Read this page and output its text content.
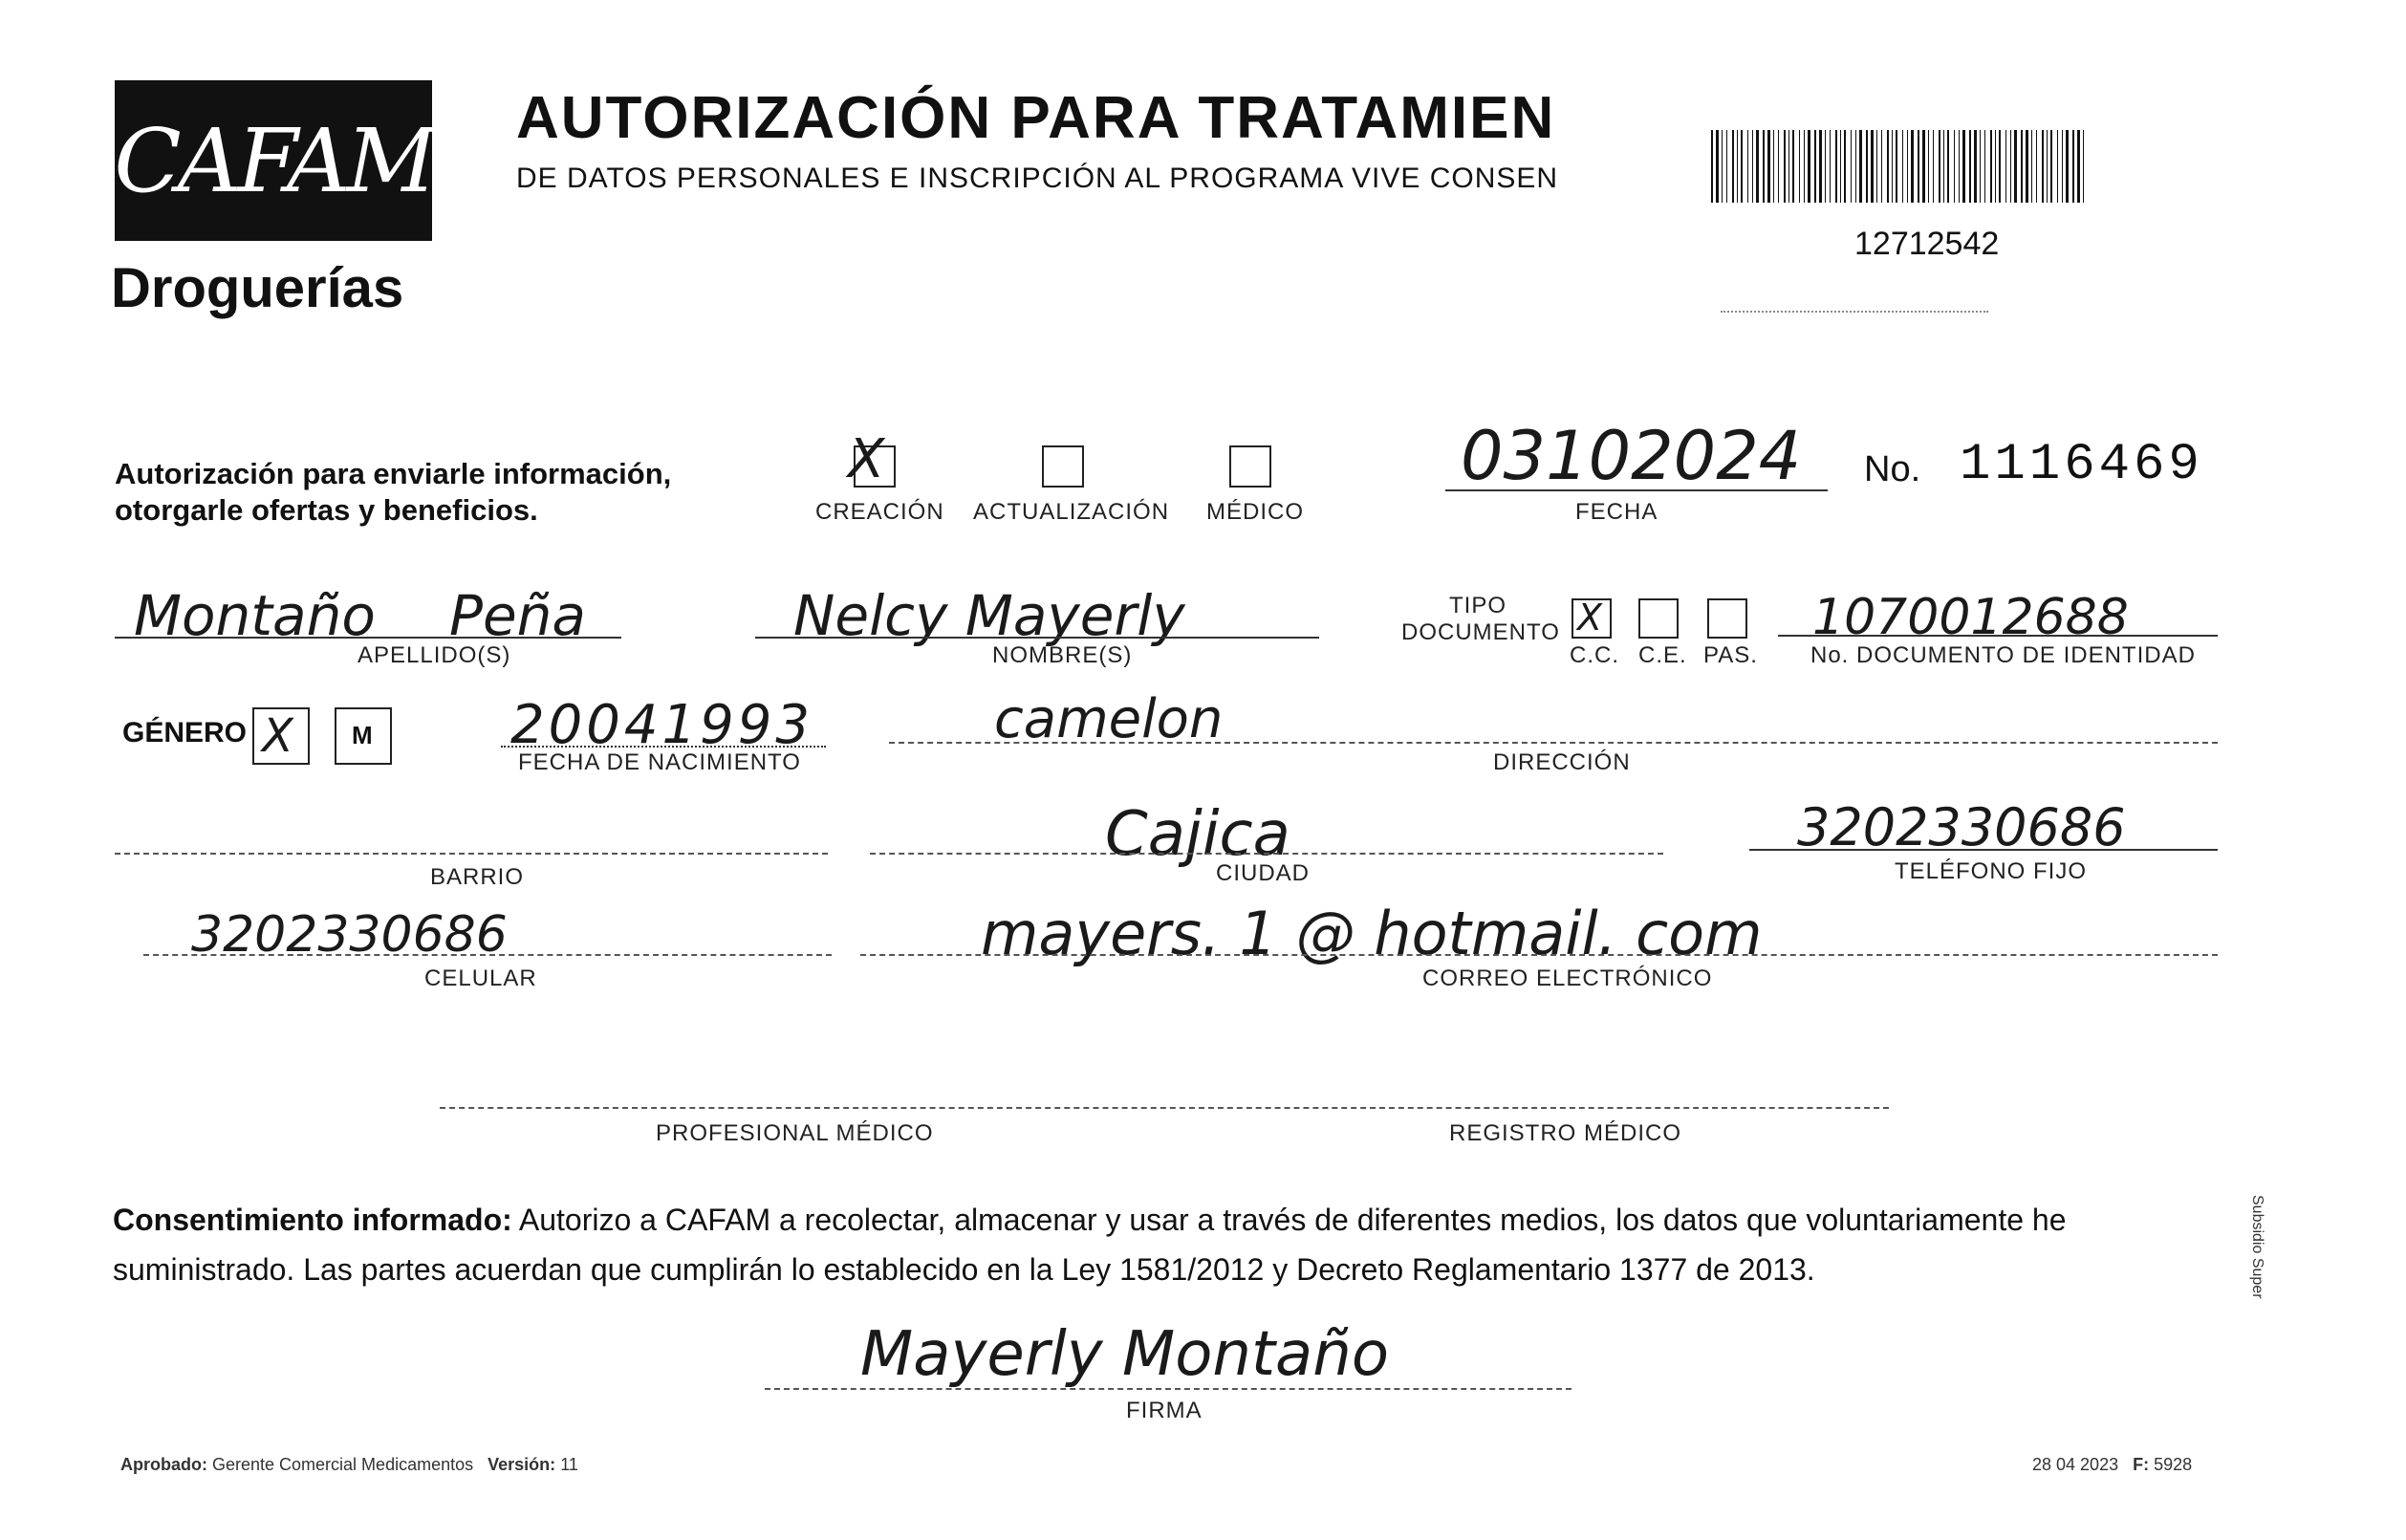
CAFAM
Droguerías
AUTORIZACIÓN PARA TRATAMIEN
DE DATOS PERSONALES E INSCRIPCIÓN AL PROGRAMA VIVE CONSEN
12712542
Autorización para enviarle información,
otorgarle ofertas y beneficios.
X
CREACIÓN ACTUALIZACIÓN MÉDICO
03102024
FECHA
No. 1116469
Montaño Peña
APELLIDO(S)
Nelcy Mayerly
NOMBRE(S)
TIPO
DOCUMENTO X
C.C. C.E. PAS.
1070012688
No. DOCUMENTO DE IDENTIDAD
GÉNERO X M	20041993
FECHA DE NACIMIENTO
camelon
DIRECCIÓN
BARRIO
Cajica
CIUDAD
3202330686
TELÉFONO FIJO
3202330686
CELULAR
mayers. 1 @ hotmail. com
CORREO ELECTRÓNICO
PROFESIONAL MÉDICO	REGISTRO MÉDICO
Consentimiento informado: Autorizo a CAFAM a recolectar, almacenar y usar a través de diferentes medios, los datos que voluntariamente he suministrado. Las partes acuerdan que cumplirán lo establecido en la Ley 1581/2012 y Decreto Reglamentario 1377 de 2013.
Mayerly Montaño
FIRMA
Aprobado: Gerente Comercial Medicamentos Versión: 11	28 04 2023 F: 5928
Subsidio Super
